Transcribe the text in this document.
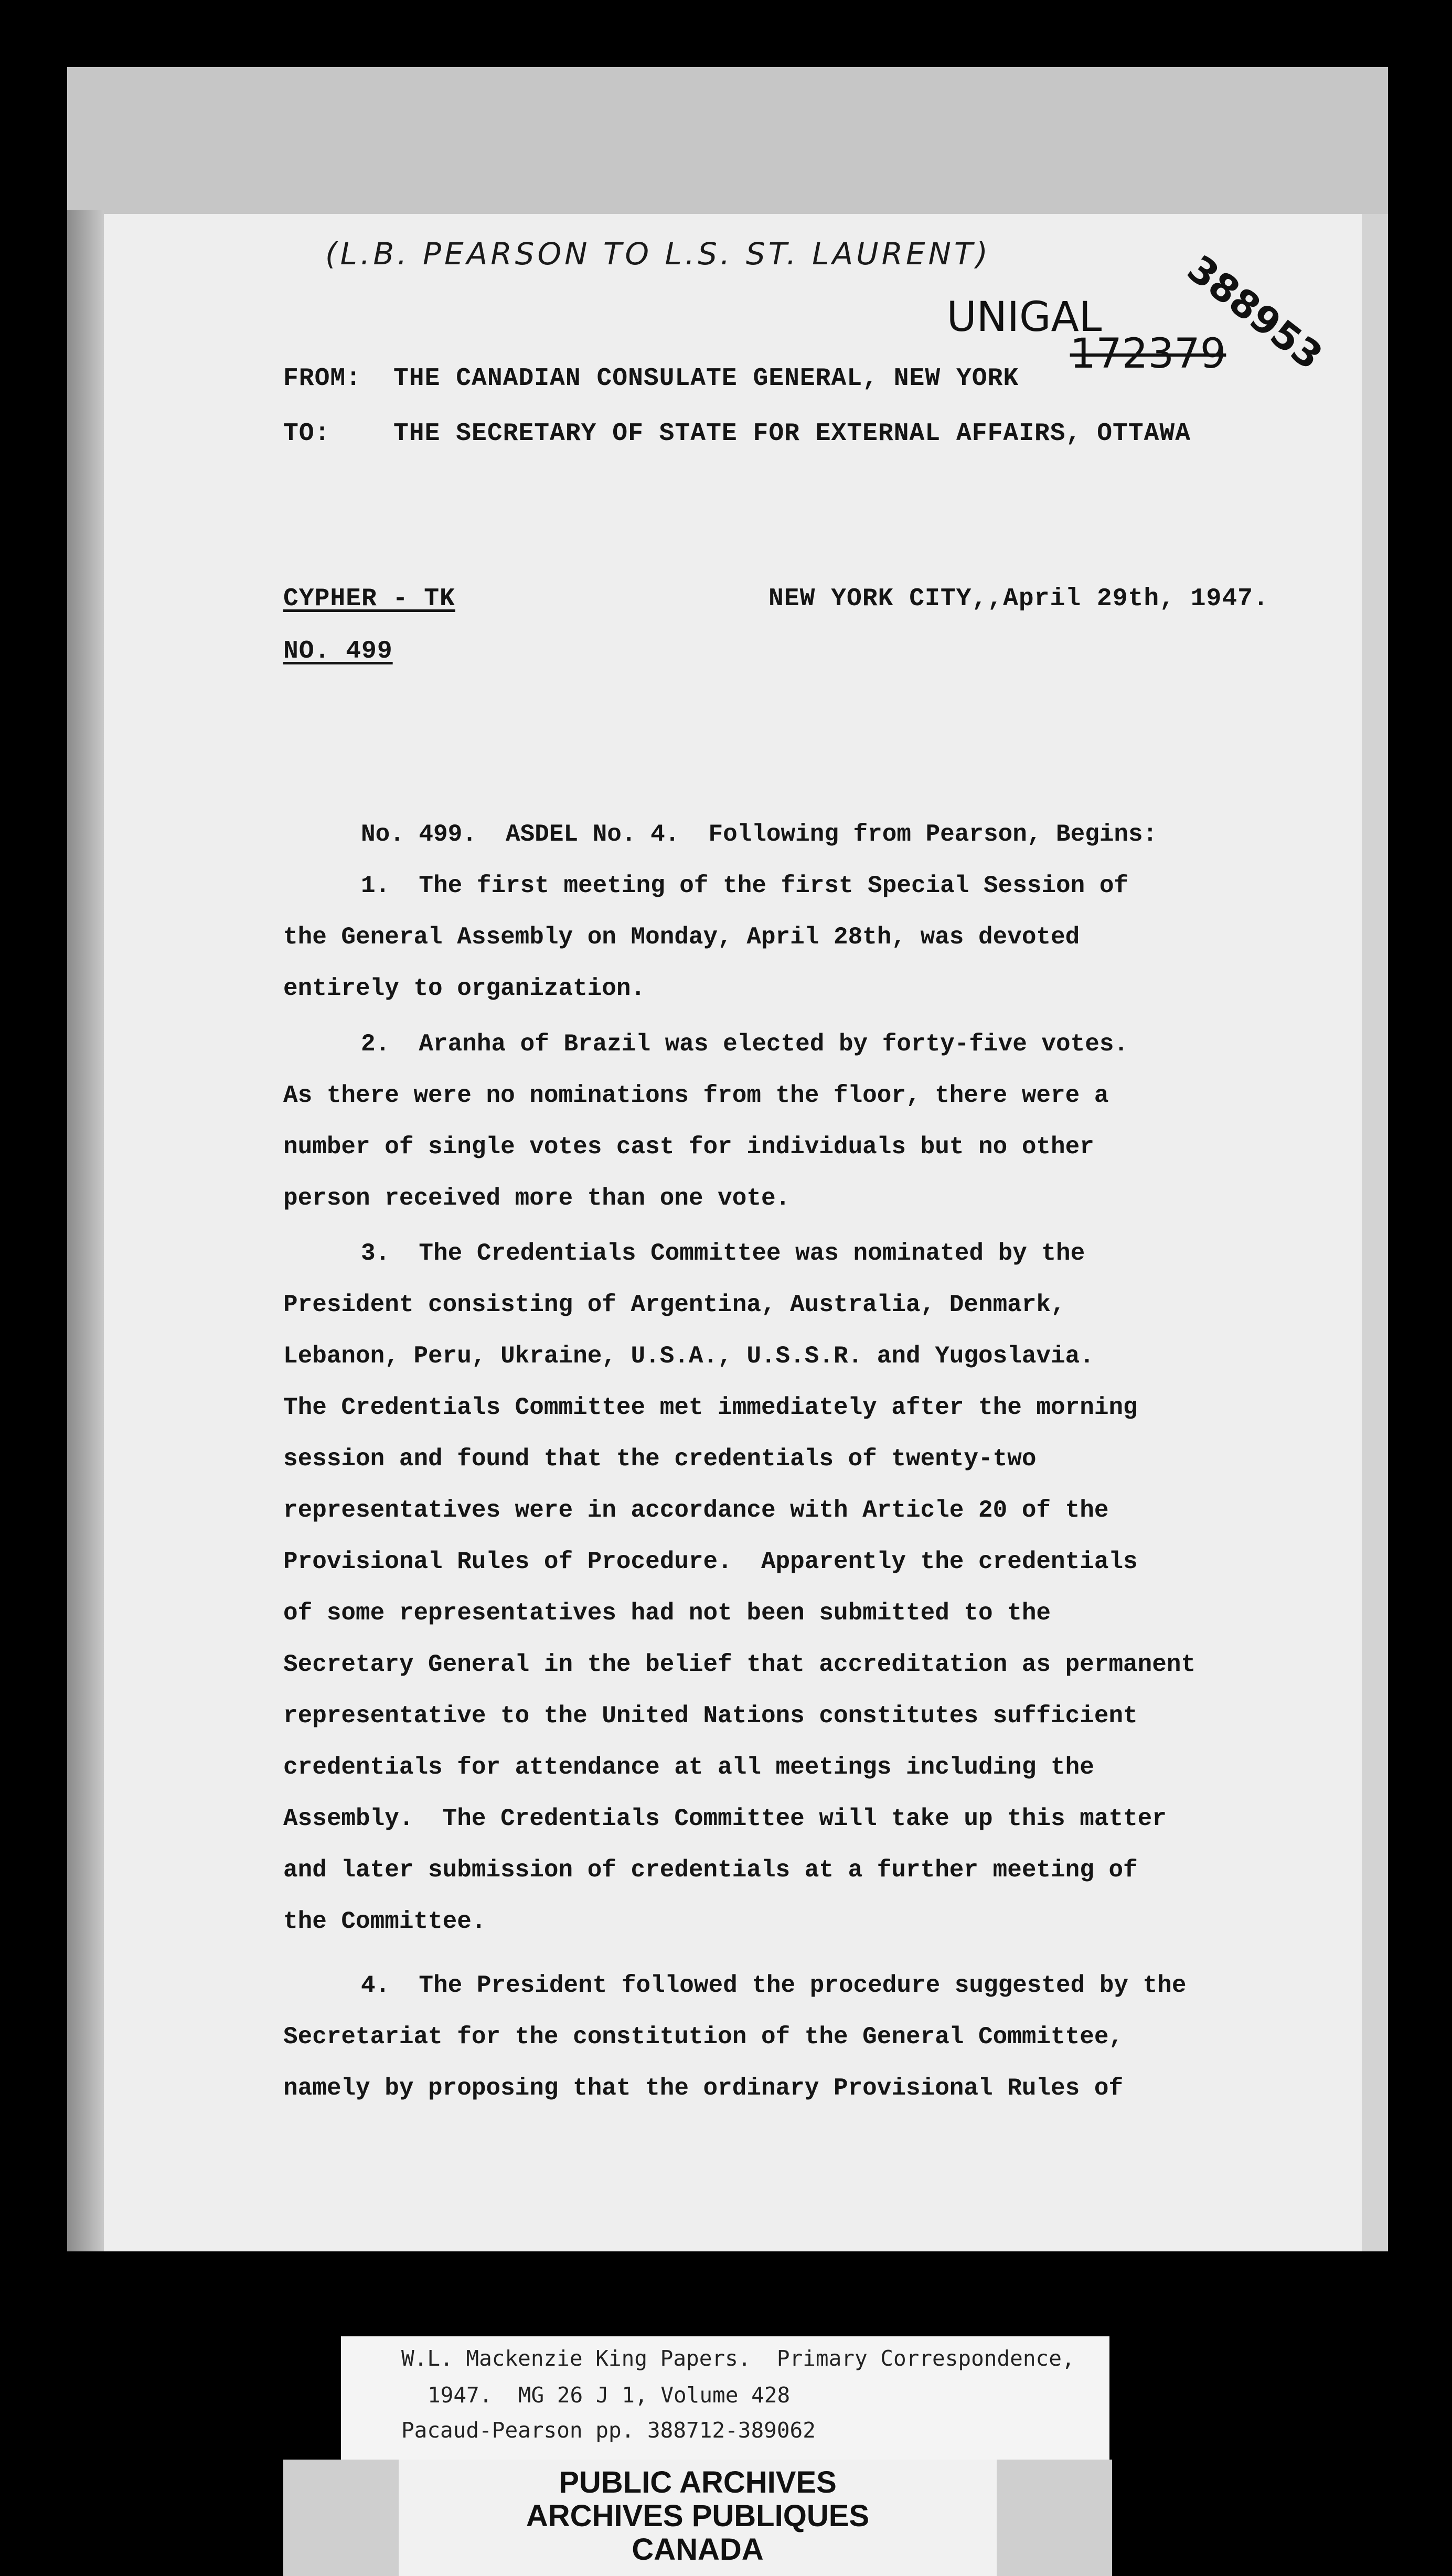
(L.B. PEARSON TO L.S. ST. LAURENT)

UNIGAL

172379

388953
FROM: THE CANADIAN CONSULATE GENERAL, NEW YORK
TO:	THE SECRETARY OF STATE FOR EXTERNAL AFFAIRS, OTTAWA
CYPHER - TK	NEW YORK CITY,,April 29th, 1947.
NO. 499
No. 499.  ASDEL No. 4.  Following from Pearson, Begins:
1.  The first meeting of the first Special Session of
the General Assembly on Monday, April 28th, was devoted
entirely to organization.
2.  Aranha of Brazil was elected by forty-five votes.
As there were no nominations from the floor, there were a
number of single votes cast for individuals but no other
person received more than one vote.
3.  The Credentials Committee was nominated by the
President consisting of Argentina, Australia, Denmark,
Lebanon, Peru, Ukraine, U.S.A., U.S.S.R. and Yugoslavia.
The Credentials Committee met immediately after the morning
session and found that the credentials of twenty-two
representatives were in accordance with Article 20 of the
Provisional Rules of Procedure.  Apparently the credentials
of some representatives had not been submitted to the
Secretary General in the belief that accreditation as permanent
representative to the United Nations constitutes sufficient
credentials for attendance at all meetings including the
Assembly.  The Credentials Committee will take up this matter
and later submission of credentials at a further meeting of
the Committee.
4.  The President followed the procedure suggested by the
Secretariat for the constitution of the General Committee,
namely by proposing that the ordinary Provisional Rules of
W.L. Mackenzie King Papers.  Primary Correspondence,
1947.  MG 26 J 1, Volume 428
Pacaud-Pearson pp. 388712-389062
PUBLIC ARCHIVES
ARCHIVES PUBLIQUES
CANADA
